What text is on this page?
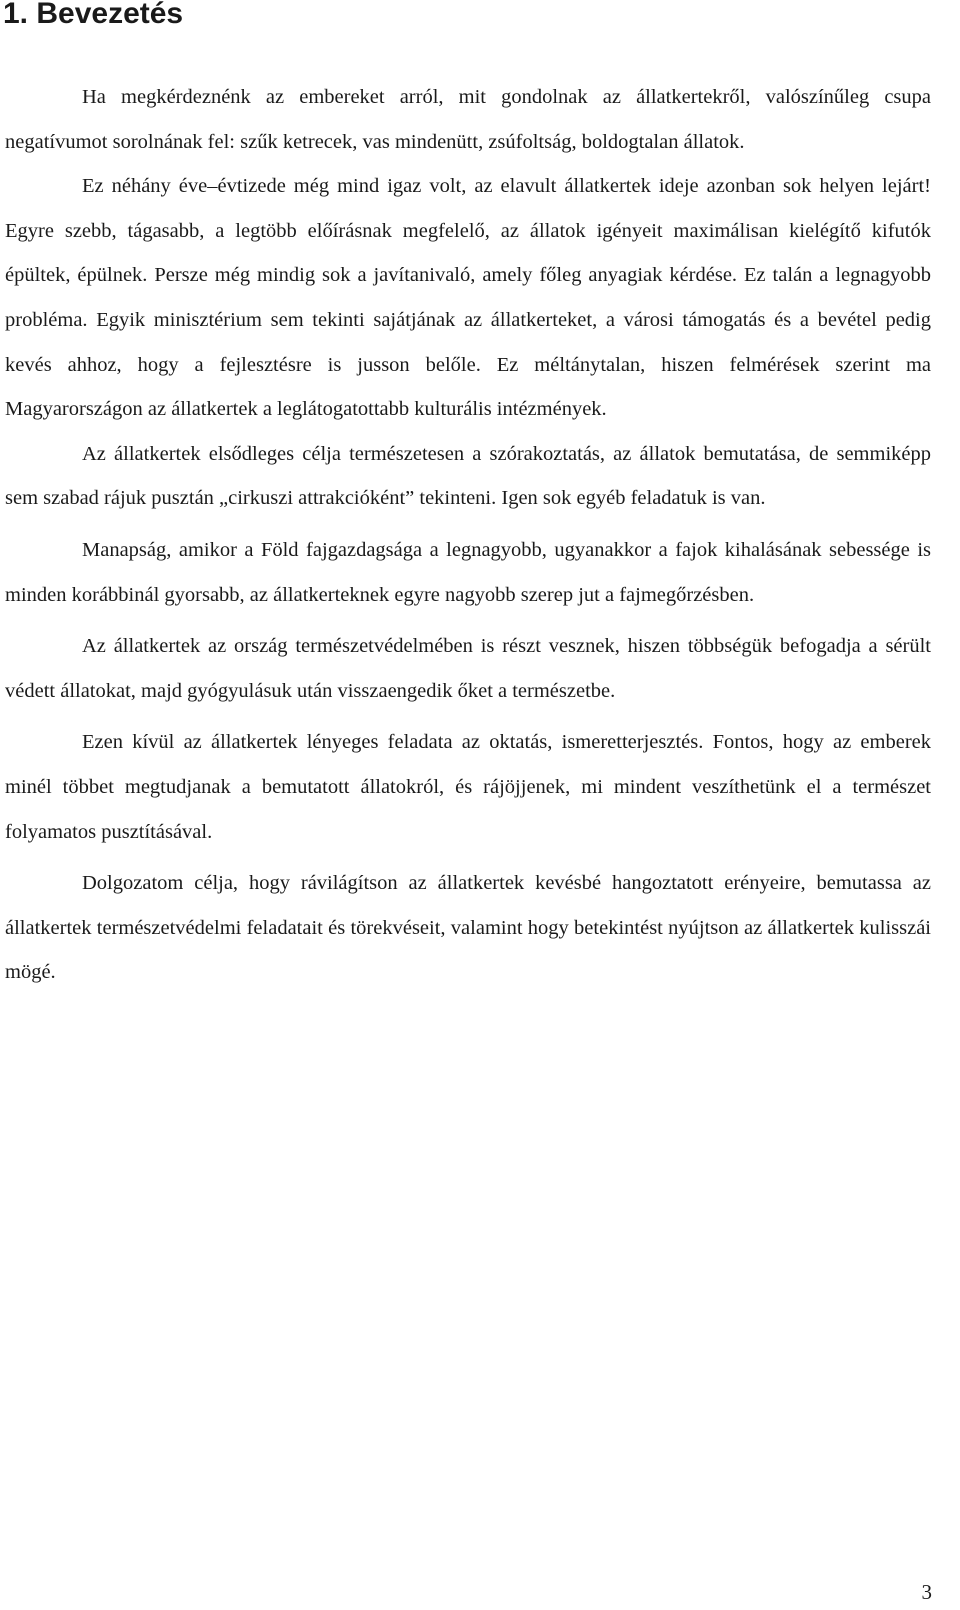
1. Bevezetés

Ha megkérdeznénk az embereket arról, mit gondolnak az állatkertekről, valószínűleg csupa negatívumot sorolnának fel: szűk ketrecek, vas mindenütt, zsúfoltság, boldogtalan állatok.

Ez néhány éve–évtizede még mind igaz volt, az elavult állatkertek ideje azonban sok helyen lejárt! Egyre szebb, tágasabb, a legtöbb előírásnak megfelelő, az állatok igényeit maximálisan kielégítő kifutók épültek, épülnek. Persze még mindig sok a javítanivaló, amely főleg anyagiak kérdése. Ez talán a legnagyobb probléma. Egyik minisztérium sem tekinti sajátjának az állatkerteket, a városi támogatás és a bevétel pedig kevés ahhoz, hogy a fejlesztésre is jusson belőle. Ez méltánytalan, hiszen felmérések szerint ma Magyarországon az állatkertek a leglátogatottabb kulturális intézmények.

Az állatkertek elsődleges célja természetesen a szórakoztatás, az állatok bemutatása, de semmiképp sem szabad rájuk pusztán „cirkuszi attrakcióként” tekinteni. Igen sok egyéb feladatuk is van.

Manapság, amikor a Föld fajgazdagsága a legnagyobb, ugyanakkor a fajok kihalásának sebessége is minden korábbinál gyorsabb, az állatkerteknek egyre nagyobb szerep jut a fajmegőrzésben.

Az állatkertek az ország természetvédelmében is részt vesznek, hiszen többségük befogadja a sérült védett állatokat, majd gyógyulásuk után visszaengedik őket a természetbe.

Ezen kívül az állatkertek lényeges feladata az oktatás, ismeretterjesztés. Fontos, hogy az emberek minél többet megtudjanak a bemutatott állatokról, és rájöjjenek, mi mindent veszíthetünk el a természet folyamatos pusztításával.

Dolgozatom célja, hogy rávilágítson az állatkertek kevésbé hangoztatott erényeire, bemutassa az állatkertek természetvédelmi feladatait és törekvéseit, valamint hogy betekintést nyújtson az állatkertek kulisszái mögé.

3
